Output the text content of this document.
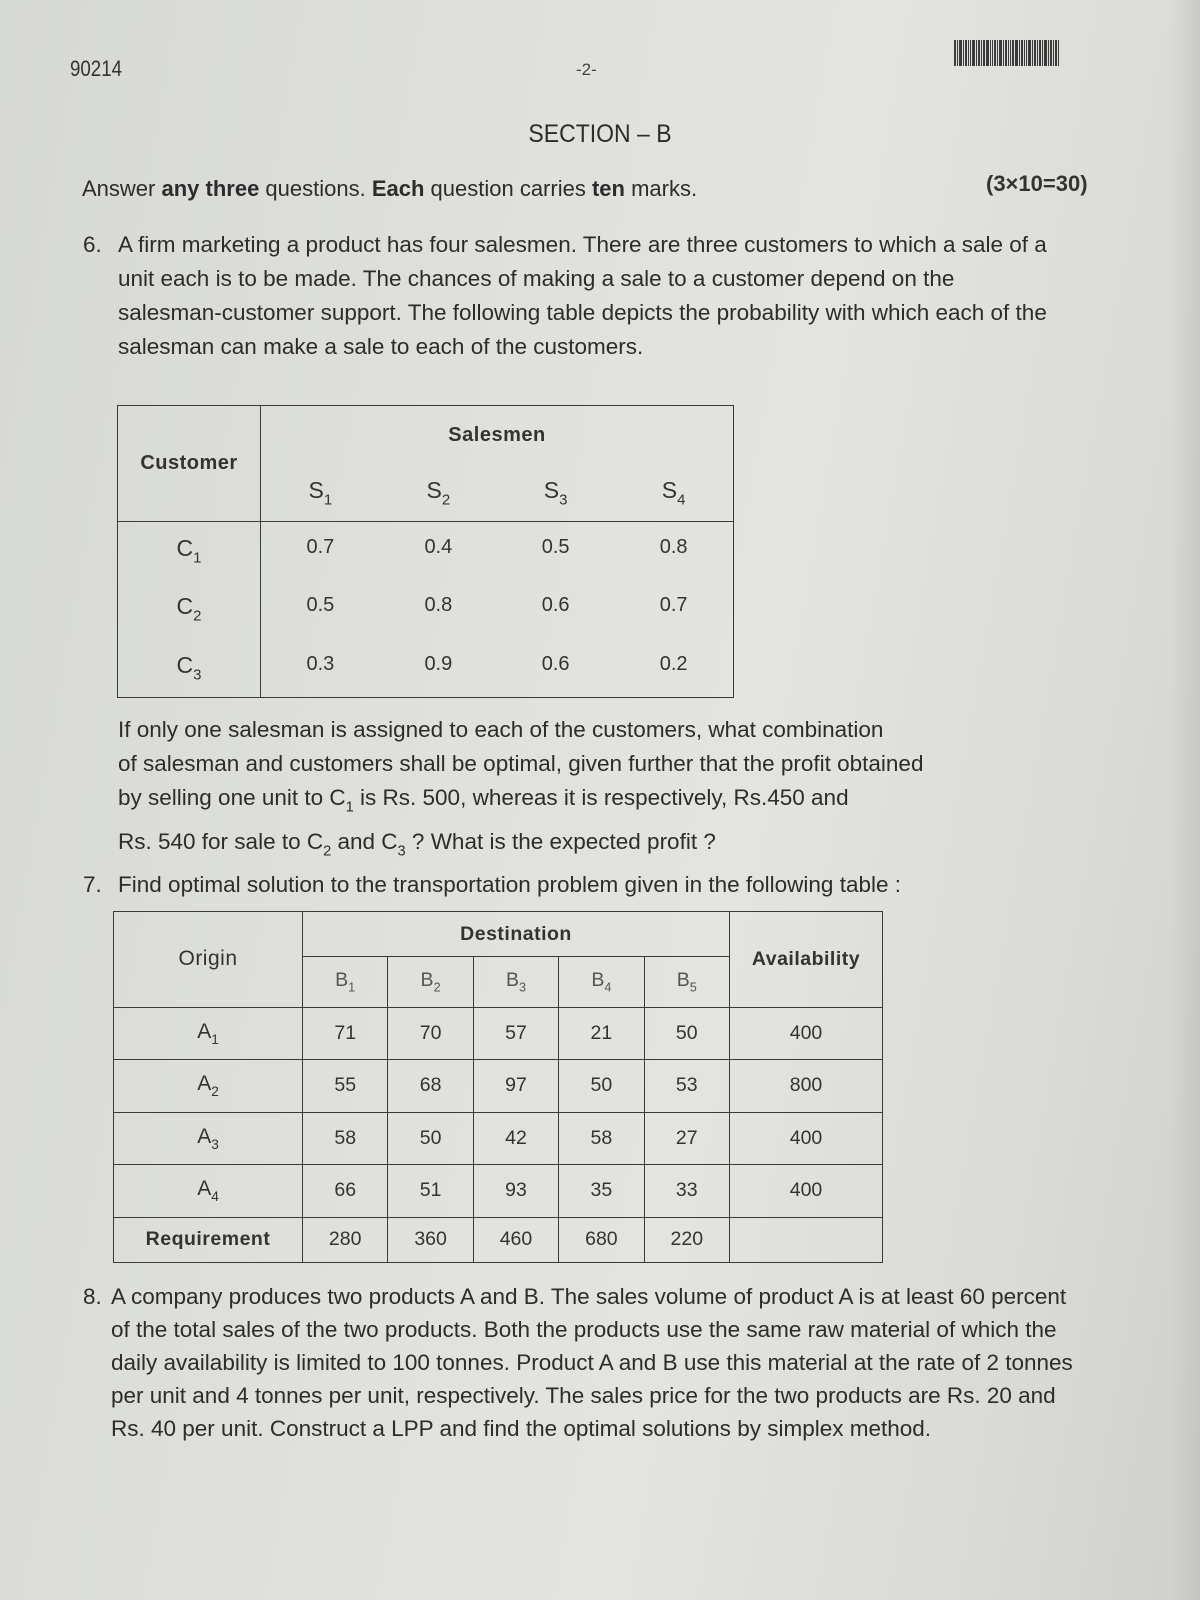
90214	-2-
SECTION – B
Answer any three questions. Each question carries ten marks.	(3×10=30)
6. A firm marketing a product has four salesmen. There are three customers to which a sale of a unit each is to be made. The chances of making a sale to a customer depend on the salesman-customer support. The following table depicts the probability with which each of the salesman can make a sale to each of the customers.
Customer	Salesmen			
	$S_1$	$S_2$	$S_3$	$S_4$
$C_1$	0.7	0.4	0.5	0.8
$C_2$	0.5	0.8	0.6	0.7
$C_3$	0.3	0.9	0.6	0.2
If only one salesman is assigned to each of the customers, what combination
of salesman and customers shall be optimal, given further that the profit obtained
by selling one unit to $C_1$ is Rs. 500, whereas it is respectively, Rs.450 and
Rs. 540 for sale to $C_2$ and $C_3$ ? What is the expected profit ?
7. Find optimal solution to the transportation problem given in the following table :
Origin	Destination					Availability
	$B_1$	$B_2$	$B_3$	$B_4$	$B_5$
$A_1$	71	70	57	21	50	400
$A_2$	55	68	97	50	53	800
$A_3$	58	50	42	58	27	400
$A_4$	66	51	93	35	33	400
Requirement	280	360	460	680	220	
8. A company produces two products A and B. The sales volume of product A is at least 60 percent of the total sales of the two products. Both the products use the same raw material of which the daily availability is limited to 100 tonnes. Product A and B use this material at the rate of 2 tonnes per unit and 4 tonnes per unit, respectively. The sales price for the two products are Rs. 20 and Rs. 40 per unit. Construct a LPP and find the optimal solutions by simplex method.
